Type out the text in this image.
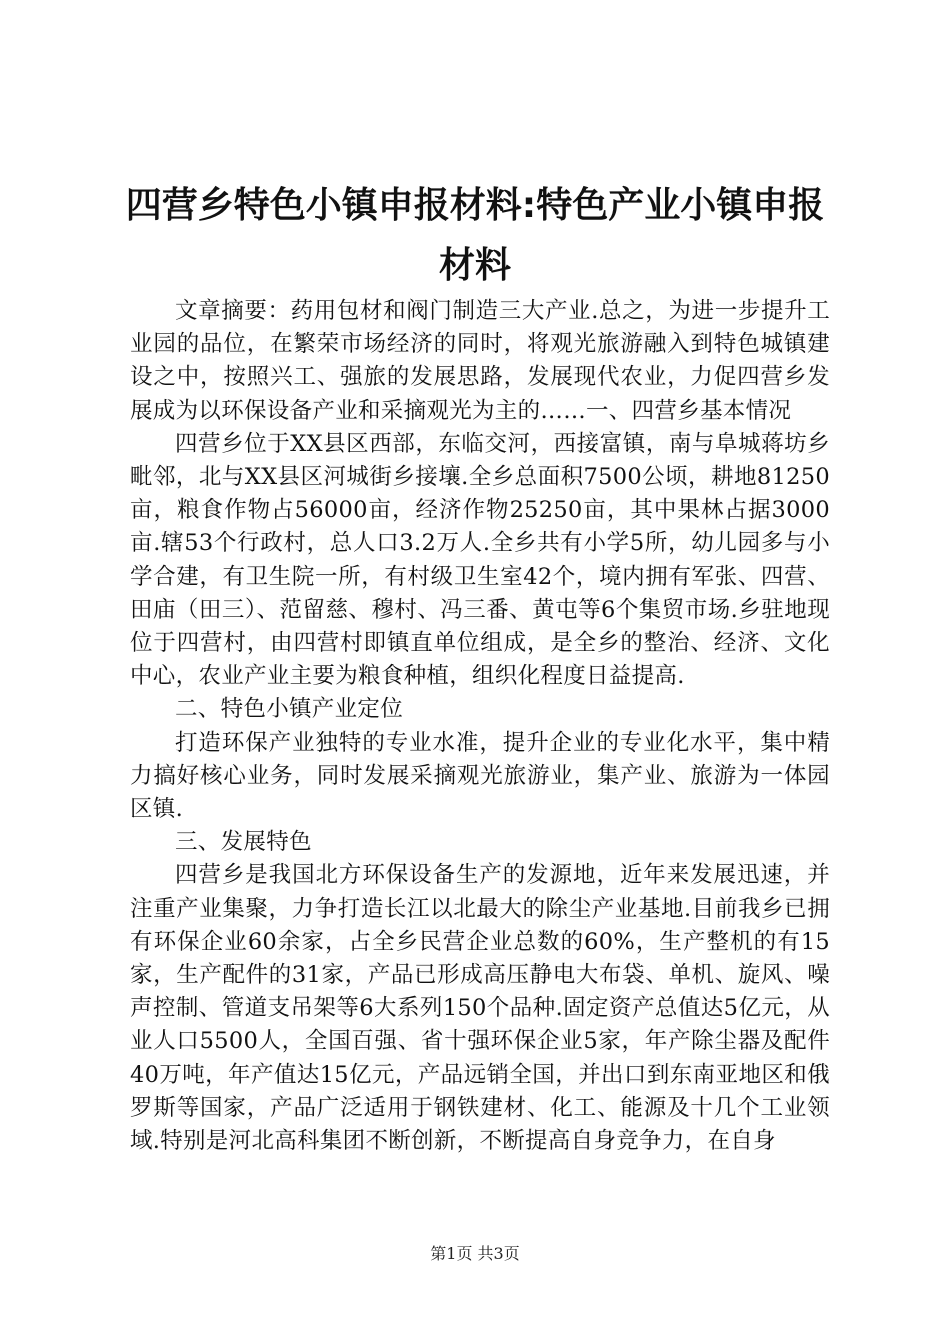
四营乡特色小镇申报材料:特色产业小镇申报材料

文章摘要：药用包材和阀门制造三大产业.总之，为进一步提升工业园的品位，在繁荣市场经济的同时，将观光旅游融入到特色城镇建设之中，按照兴工、强旅的发展思路，发展现代农业，力促四营乡发展成为以环保设备产业和采摘观光为主的……一、四营乡基本情况

四营乡位于XX县区西部，东临交河，西接富镇，南与阜城蒋坊乡毗邻，北与XX县区河城街乡接壤.全乡总面积7500公顷，耕地81250亩，粮食作物占56000亩，经济作物25250亩，其中果林占据3000亩.辖53个行政村，总人口3.2万人.全乡共有小学5所，幼儿园多与小学合建，有卫生院一所，有村级卫生室42个，境内拥有军张、四营、田庙（田三）、范留慈、穆村、冯三番、黄屯等6个集贸市场.乡驻地现位于四营村，由四营村即镇直单位组成，是全乡的整治、经济、文化中心，农业产业主要为粮食种植，组织化程度日益提高.

二、特色小镇产业定位

打造环保产业独特的专业水准，提升企业的专业化水平，集中精力搞好核心业务，同时发展采摘观光旅游业，集产业、旅游为一体园区镇.

三、发展特色

四营乡是我国北方环保设备生产的发源地，近年来发展迅速，并注重产业集聚，力争打造长江以北最大的除尘产业基地.目前我乡已拥有环保企业60余家，占全乡民营企业总数的60%，生产整机的有15家，生产配件的31家，产品已形成高压静电大布袋、单机、旋风、噪声控制、管道支吊架等6大系列150个品种.固定资产总值达5亿元，从业人口5500人，全国百强、省十强环保企业5家，年产除尘器及配件40万吨，年产值达15亿元，产品远销全国，并出口到东南亚地区和俄罗斯等国家，产品广泛适用于钢铁建材、化工、能源及十几个工业领域.特别是河北高科集团不断创新，不断提高自身竞争力，在自身

第1页 共3页
